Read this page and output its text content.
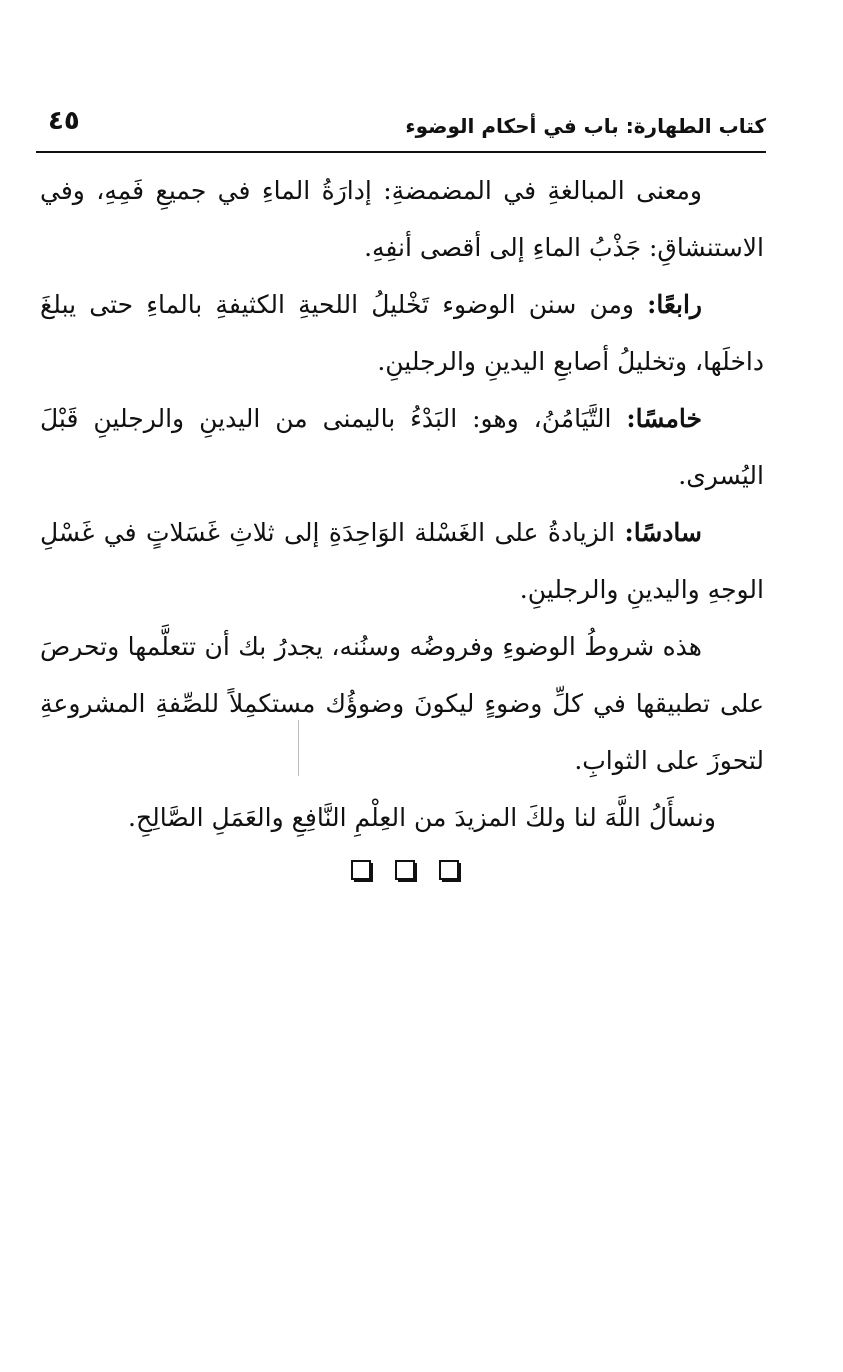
٤٥	كتاب الطهارة: باب في أحكام الوضوء

ومعنى المبالغةِ في المضمضةِ: إدارَةُ الماءِ في جميعِ فَمِهِ، وفي الاستنشاقِ: جَذْبُ الماءِ إلى أقصى أنفِهِ.

رابعًا: ومن سنن الوضوء تَخْليلُ اللحيةِ الكثيفةِ بالماءِ حتى يبلغَ داخلَها، وتخليلُ أصابعِ اليدينِ والرجلينِ.

خامسًا: التَّيَامُنُ، وهو: البَدْءُ باليمنى من اليدينِ والرجلينِ قَبْلَ اليُسرى.

سادسًا: الزيادةُ على الغَسْلة الوَاحِدَةِ إلى ثلاثِ غَسَلاتٍ في غَسْلِ الوجهِ واليدينِ والرجلينِ.

هذه شروطُ الوضوءِ وفروضُه وسنُنه، يجدرُ بك أن تتعلَّمها وتحرصَ على تطبيقها في كلِّ وضوءٍ ليكونَ وضوؤُك مستكمِلاً للصِّفةِ المشروعةِ لتحوزَ على الثوابِ.

ونسأَلُ اللَّهَ لنا ولكَ المزيدَ من العِلْمِ النَّافِعِ والعَمَلِ الصَّالِحِ.
